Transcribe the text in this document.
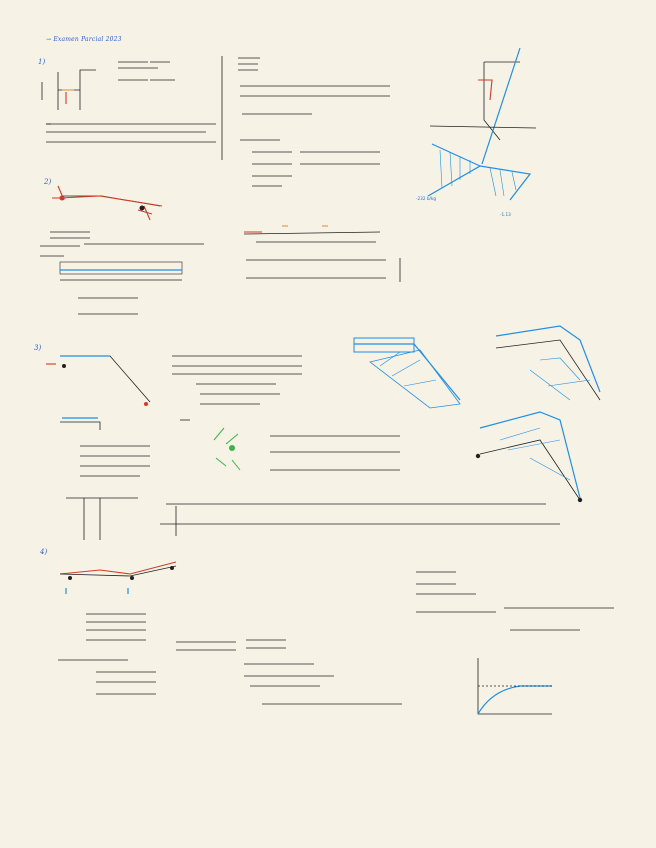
→ Examen Parcial 2023
1)
2)
3)
4)
-232 b/kg
-1.13
